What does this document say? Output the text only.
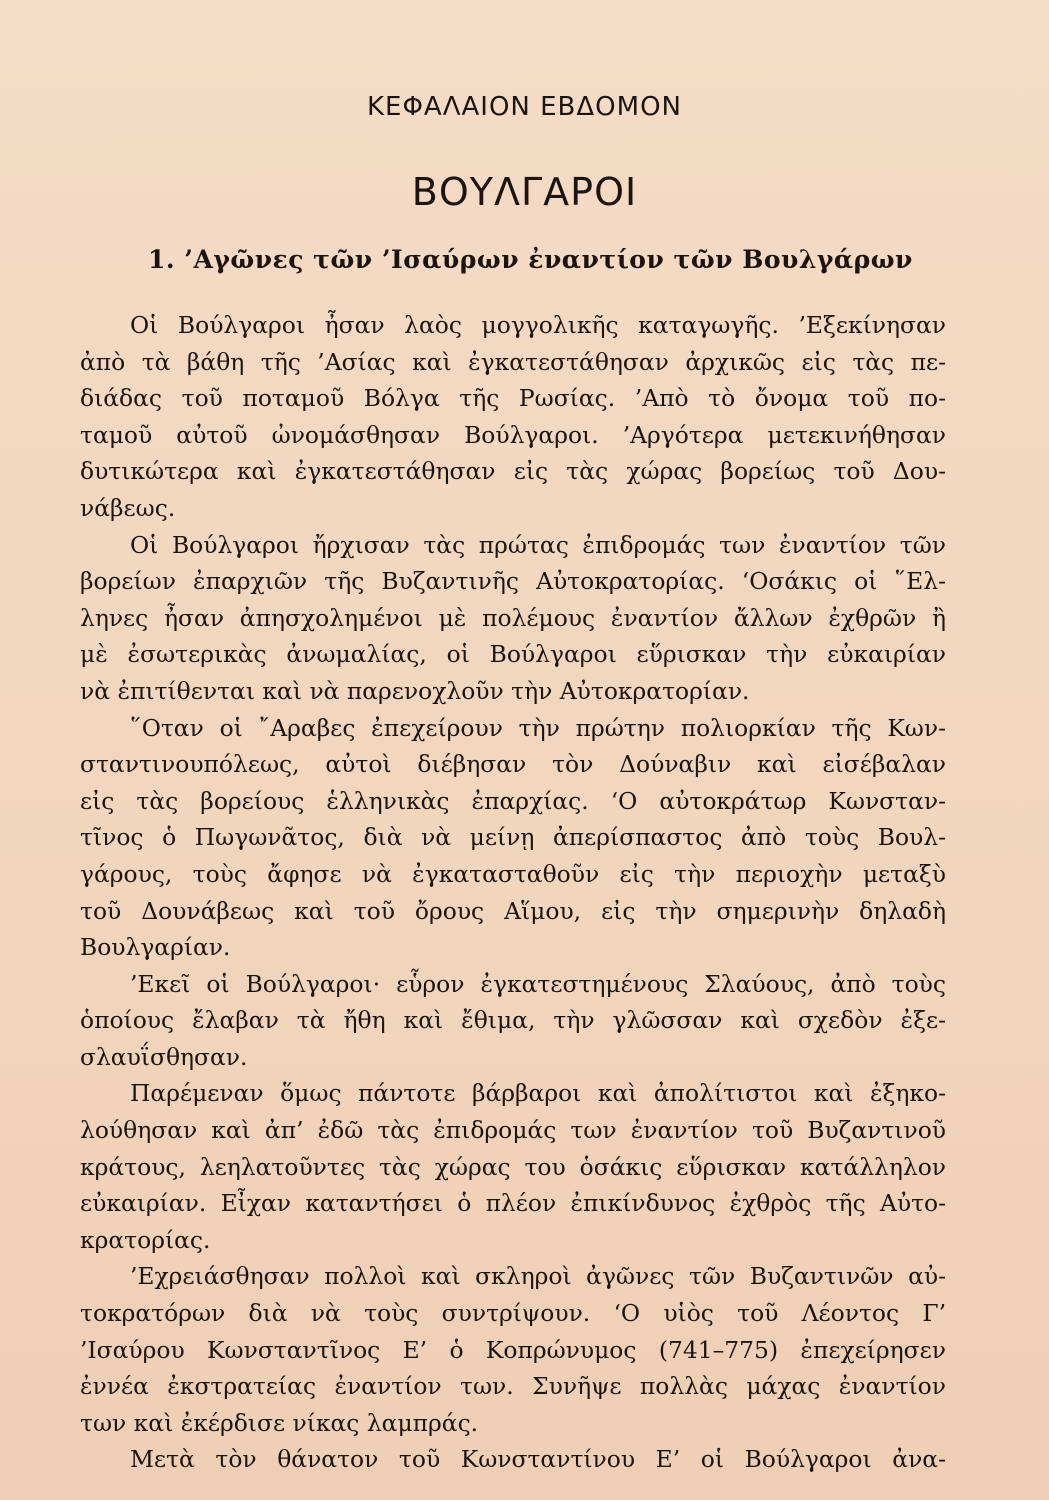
ΚΕΦΑΛΑΙΟΝ ΕΒΔΟΜΟΝ
ΒΟΥΛΓΑΡΟΙ
1. ’Αγῶνες τῶν ’Ισαύρων ἐναντίον τῶν Βουλγάρων
Οἱ Βούλγαροι ἦσαν λαὸς μογγολικῆς καταγωγῆς. ’Εξεκίνησαν
ἀπὸ τὰ βάθη τῆς ’Ασίας καὶ ἐγκατεστάθησαν ἀρχικῶς εἰς τὰς πε-
διάδας τοῦ ποταμοῦ Βόλγα τῆς Ρωσίας. ’Απὸ τὸ ὄνομα τοῦ πο-
ταμοῦ αὐτοῦ ὠνομάσθησαν Βούλγαροι. ’Αργότερα μετεκινήθησαν
δυτικώτερα καὶ ἐγκατεστάθησαν εἰς τὰς χώρας βορείως τοῦ Δου-
νάβεως.
Οἱ Βούλγαροι ἤρχισαν τὰς πρώτας ἐπιδρομάς των ἐναντίον τῶν
βορείων ἐπαρχιῶν τῆς Βυζαντινῆς Αὐτοκρατορίας. ‘Οσάκις οἱ ῞Ελ-
ληνες ἦσαν ἀπησχολημένοι μὲ πολέμους ἐναντίον ἄλλων ἐχθρῶν ἢ
μὲ ἐσωτερικὰς ἀνωμαλίας, οἱ Βούλγαροι εὕρισκαν τὴν εὐκαιρίαν
νὰ ἐπιτίθενται καὶ νὰ παρενοχλοῦν τὴν Αὐτοκρατορίαν.
῞Οταν οἱ ῎Αραβες ἐπεχείρουν τὴν πρώτην πολιορκίαν τῆς Κων-
σταντινουπόλεως, αὐτοὶ διέβησαν τὸν Δούναβιν καὶ εἰσέβαλαν
εἰς τὰς βορείους ἑλληνικὰς ἐπαρχίας. ‘Ο αὐτοκράτωρ Κωνσταν-
τῖνος ὁ Πωγωνᾶτος, διὰ νὰ μείνῃ ἀπερίσπαστος ἀπὸ τοὺς Βουλ-
γάρους, τοὺς ἄφησε νὰ ἐγκατασταθοῦν εἰς τὴν περιοχὴν μεταξὺ
τοῦ Δουνάβεως καὶ τοῦ ὄρους Αἵμου, εἰς τὴν σημερινὴν δηλαδὴ
Βουλγαρίαν.
’Εκεῖ οἱ Βούλγαροι· εὗρον ἐγκατεστημένους Σλαύους, ἀπὸ τοὺς
ὁποίους ἔλαβαν τὰ ἤθη καὶ ἔθιμα, τὴν γλῶσσαν καὶ σχεδὸν ἐξε-
σλαυΐσθησαν.
Παρέμεναν ὅμως πάντοτε βάρβαροι καὶ ἀπολίτιστοι καὶ ἐξηκο-
λούθησαν καὶ ἀπ’ ἐδῶ τὰς ἐπιδρομάς των ἐναντίον τοῦ Βυζαντινοῦ
κράτους, λεηλατοῦντες τὰς χώρας του ὁσάκις εὕρισκαν κατάλληλον
εὐκαιρίαν. Εἶχαν καταντήσει ὁ πλέον ἐπικίνδυνος ἐχθρὸς τῆς Αὐτο-
κρατορίας.
’Εχρειάσθησαν πολλοὶ καὶ σκληροὶ ἀγῶνες τῶν Βυζαντινῶν αὐ-
τοκρατόρων διὰ νὰ τοὺς συντρίψουν. ‘Ο υἱὸς τοῦ Λέοντος Γ’
’Ισαύρου Κωνσταντῖνος Ε’ ὁ Κοπρώνυμος (741–775) ἐπεχείρησεν
ἐννέα ἐκστρατείας ἐναντίον των. Συνῆψε πολλὰς μάχας ἐναντίον
των καὶ ἐκέρδισε νίκας λαμπράς.
Μετὰ τὸν θάνατον τοῦ Κωνσταντίνου Ε’ οἱ Βούλγαροι ἀνα-
